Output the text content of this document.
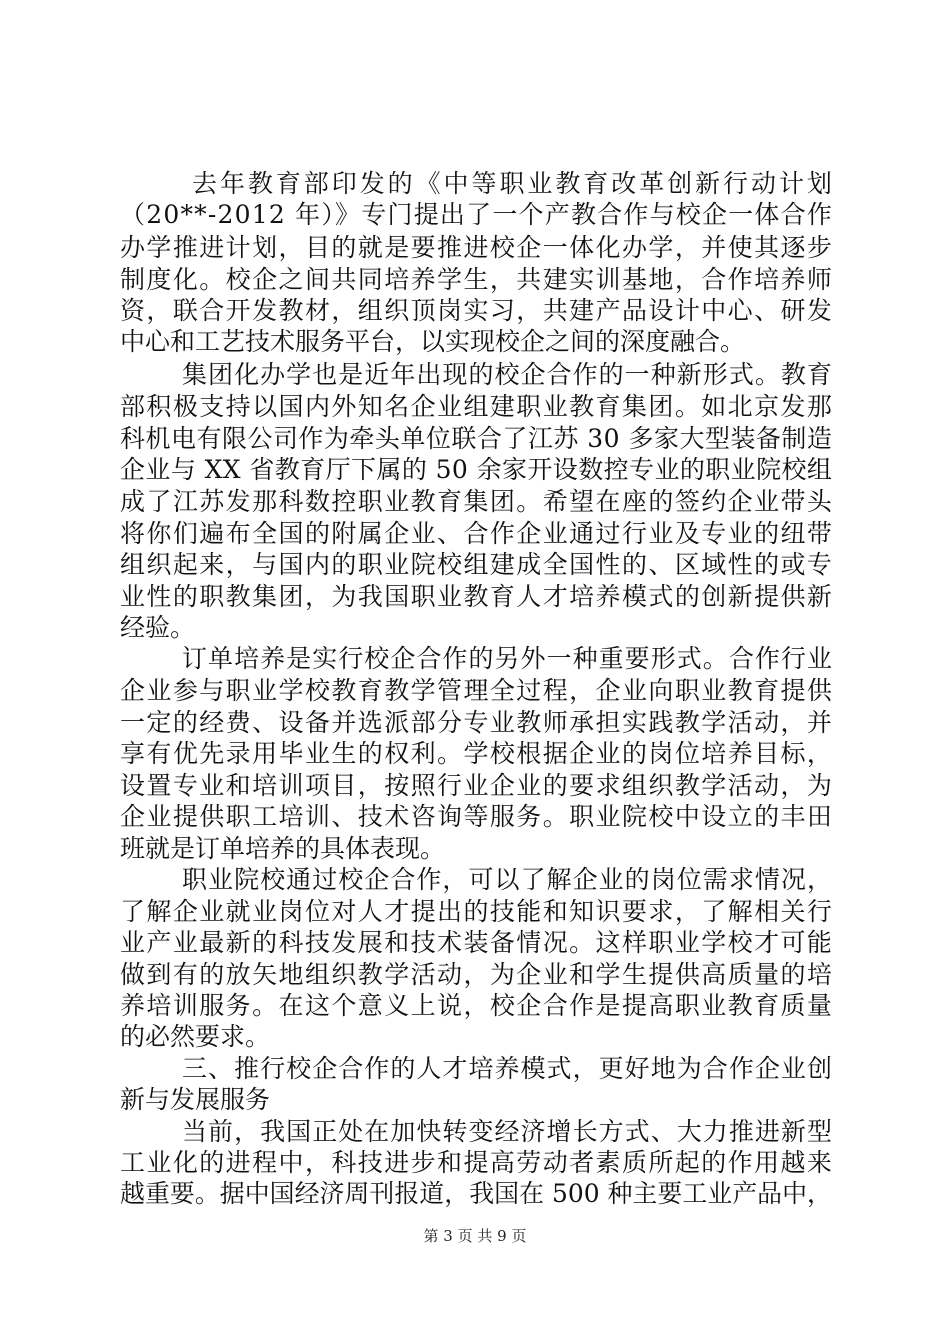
去年教育部印发的《中等职业教育改革创新行动计划
（20**-2012 年）》专门提出了一个产教合作与校企一体合作
办学推进计划，目的就是要推进校企一体化办学，并使其逐步
制度化。校企之间共同培养学生，共建实训基地，合作培养师
资，联合开发教材，组织顶岗实习，共建产品设计中心、研发
中心和工艺技术服务平台，以实现校企之间的深度融合。
集团化办学也是近年出现的校企合作的一种新形式。教育
部积极支持以国内外知名企业组建职业教育集团。如北京发那
科机电有限公司作为牵头单位联合了江苏 30 多家大型装备制造
企业与 XX 省教育厅下属的 50 余家开设数控专业的职业院校组
成了江苏发那科数控职业教育集团。希望在座的签约企业带头
将你们遍布全国的附属企业、合作企业通过行业及专业的纽带
组织起来，与国内的职业院校组建成全国性的、区域性的或专
业性的职教集团，为我国职业教育人才培养模式的创新提供新
经验。
订单培养是实行校企合作的另外一种重要形式。合作行业
企业参与职业学校教育教学管理全过程，企业向职业教育提供
一定的经费、设备并选派部分专业教师承担实践教学活动，并
享有优先录用毕业生的权利。学校根据企业的岗位培养目标，
设置专业和培训项目，按照行业企业的要求组织教学活动，为
企业提供职工培训、技术咨询等服务。职业院校中设立的丰田
班就是订单培养的具体表现。
职业院校通过校企合作，可以了解企业的岗位需求情况，
了解企业就业岗位对人才提出的技能和知识要求，了解相关行
业产业最新的科技发展和技术装备情况。这样职业学校才可能
做到有的放矢地组织教学活动，为企业和学生提供高质量的培
养培训服务。在这个意义上说，校企合作是提高职业教育质量
的必然要求。
三、推行校企合作的人才培养模式，更好地为合作企业创
新与发展服务
当前，我国正处在加快转变经济增长方式、大力推进新型
工业化的进程中，科技进步和提高劳动者素质所起的作用越来
越重要。据中国经济周刊报道，我国在 500 种主要工业产品中，
第 3 页 共 9 页
